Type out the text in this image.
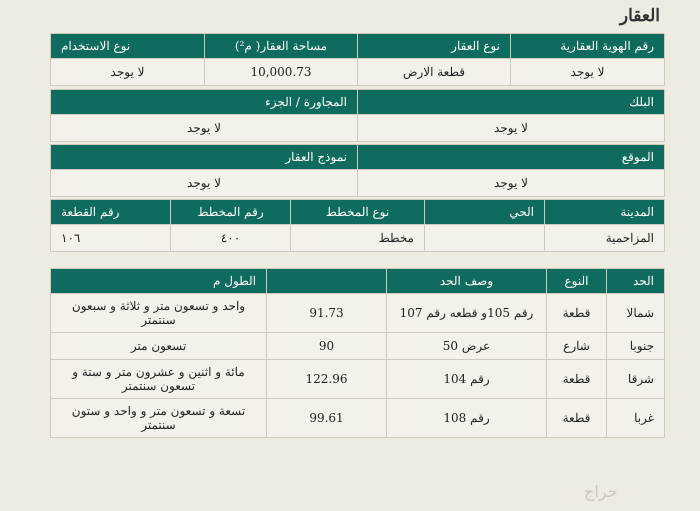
العقار
رقم الهوية العقارية	نوع العقار	مساحة العقار( م²)	نوع الاستخدام
لا يوجد	قطعة الارض	10,000.73	لا يوجد
البلك	المجاورة / الجزء
لا يوجد	لا يوجد
الموقع	نموذج العقار
لا يوجد	لا يوجد
المدينة	الحي	نوع المخطط	رقم المخطط	رقم القطعة
المزاحمية		مخطط	٤٠٠	١٠٦
الحد	النوع	وصف الحد		الطول م
شمالا	قطعة	رقم 105و قطعه رقم 107	91.73	واحد و تسعون متر و ثلاثة و سبعون سنتمتر
جنوبا	شارع	عرض 50	90	تسعون متر
شرقا	قطعة	رقم 104	122.96	مائة و اثنين و عشرون متر و ستة و تسعون سنتمتر
غربا	قطعة	رقم 108	99.61	تسعة و تسعون متر و واحد و ستون سنتمتر
حراج
